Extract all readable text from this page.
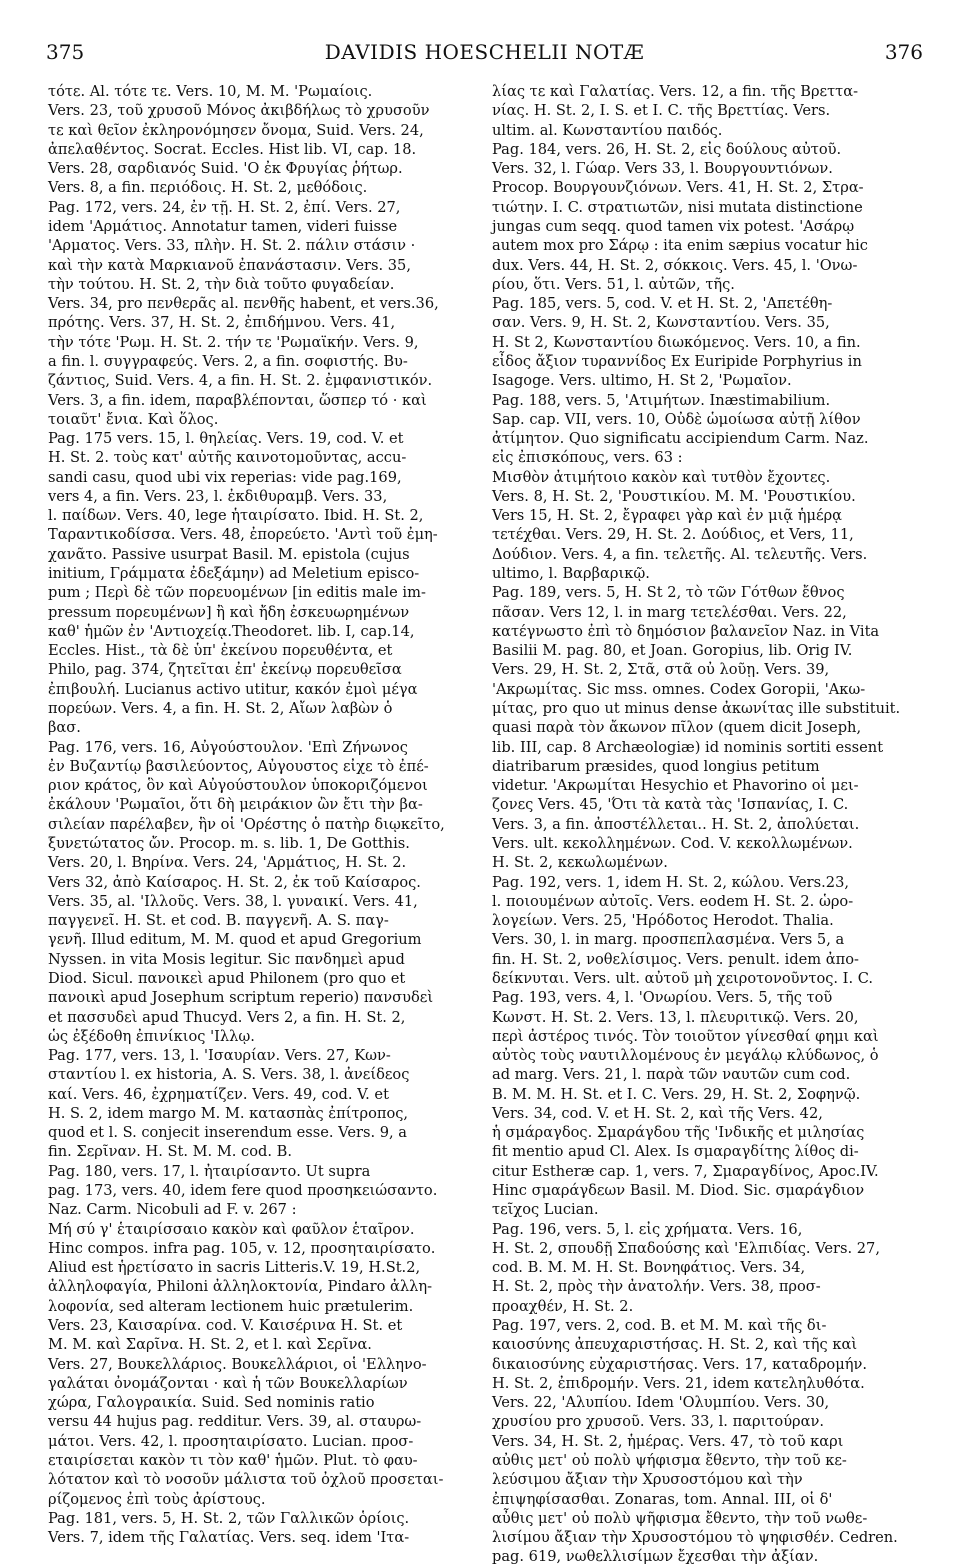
375	DAVIDIS HOESCHELII NOTÆ	376
τότε. Al. τότε τε. Vers. 10, M. M. 'Ρωμαίοις.
Vers. 23, τοῦ χρυσοῦ Μόνος ἀκιβδήλως τὸ χρυσοῦν
τε καὶ θεῖον ἐκληρονόμησεν ὄνομα, Suid. Vers. 24,
ἀπελαθέντος. Socrat. Eccles. Hist lib. VI, cap. 18.
Vers. 28, σαρδιανός Suid. 'Ο ἐκ Φρυγίας ῥήτωρ.
Vers. 8, a fin. περιόδοις. H. St. 2, μεθόδοις.
Pag. 172, vers. 24, ἐν τῇ. H. St. 2, ἐπί. Vers. 27,
idem 'Αρμάτιος. Annotatur tamen, videri fuisse
'Αρματος. Vers. 33, πλὴν. H. St. 2. πάλιν στάσιν ·
καὶ τὴν κατὰ Μαρκιανοῦ ἐπανάστασιν. Vers. 35,
τὴν τούτου. H. St. 2, τὴν διὰ τοῦτο φυγαδείαν.
Vers. 34, pro πενθερᾶς al. πενθῆς habent, et vers.36,
πρότης. Vers. 37, H. St. 2, ἐπιδήμνου. Vers. 41,
τὴν τότε 'Ρωμ. H. St. 2. τήν τε 'Ρωμαϊκήν. Vers. 9,
a fin. l. συγγραφεύς. Vers. 2, a fin. σοφιστής. Βυ-
ζάντιος, Suid. Vers. 4, a fin. H. St. 2. ἐμφανιστικόν.
Vers. 3, a fin. idem, παραβλέπονται, ὥσπερ τό · καὶ
τοιαῦτ' ἔνια. Καὶ ὅλος.
Pag. 175 vers. 15, l. θηλείας. Vers. 19, cod. V. et
H. St. 2. τοὺς κατ' αὐτῆς καινοτομοῦντας, accu-
sandi casu, quod ubi vix reperias: vide pag.169,
vers 4, a fin. Vers. 23, l. ἐκδιθυραμβ. Vers. 33,
l. παίδων. Vers. 40, lege ἡταιρίσατο. Ibid. H. St. 2,
Ταραντικοδίσσα. Vers. 48, ἐπορεύετο. 'Αντὶ τοῦ ἐμη-
χανᾶτο. Passive usurpat Basil. M. epistola (cujus
initium, Γράμματα ἐδεξάμην) ad Meletium episco-
pum ; Περὶ δὲ τῶν πορευομένων [in editis male im-
pressum πορευμένων] ἢ καὶ ἤδη ἐσκευωρημένων
καθ' ἡμῶν ἐν 'Αντιοχείᾳ.Theodoret. lib. I, cap.14,
Eccles. Hist., τὰ δὲ ὑπ' ἐκείνου πορευθέντα, et
Philo, pag. 374, ζητεῖται ἐπ' ἐκείνῳ πορευθεῖσα
ἐπιβουλή. Lucianus activo utitur, κακόν ἐμοὶ μέγα
πορεύων. Vers. 4, a fin. H. St. 2, Αἴων λαβὼν ὁ
βασ.
Pag. 176, vers. 16, Αὐγούστουλον. 'Επὶ Ζήνωνος
ἐν Βυζαντίῳ βασιλεύοντος, Αὐγουστος εἰχε τὸ ἐπέ-
ριον κράτος, ὃν καὶ Αὐγούστουλον ὑποκοριζόμενοι
ἐκάλουν 'Ρωμαῖοι, ὅτι δὴ μειράκιον ὢν ἔτι τὴν βα-
σιλείαν παρέλαβεν, ἣν οἱ 'Ορέστης ὁ πατὴρ διῳκεῖτο,
ξυνετώτατος ὤν. Procop. m. s. lib. 1, De Gotthis.
Vers. 20, l. Βηρίνα. Vers. 24, 'Αρμάτιος, H. St. 2.
Vers 32, ἀπὸ Καίσαρος. H. St. 2, ἐκ τοῦ Καίσαρος.
Vers. 35, al. 'Ιλλοῦς. Vers. 38, l. γυναικί. Vers. 41,
παγγενεῖ. H. St. et cod. B. παγγενῆ. A. S. παγ-
γενῆ. Illud editum, M. M. quod et apud Gregorium
Nyssen. in vita Mosis legitur. Sic πανδημεὶ apud
Diod. Sicul. πανοικεὶ apud Philonem (pro quo et
πανοικὶ apud Josephum scriptum reperio) πανσυδεὶ
et πασσυδεὶ apud Thucyd. Vers 2, a fin. H. St. 2,
ὡς ἐξέδοθη ἐπινίκιος 'Ιλλῳ.
Pag. 177, vers. 13, l. 'Ισαυρίαν. Vers. 27, Κων-
σταντίου l. ex historia, A. S. Vers. 38, l. ἀνείδεος
καί. Vers. 46, ἐχρηματίζεν. Vers. 49, cod. V. et
H. S. 2, idem margo M. M. κατασπὰς ἐπίτροπος,
quod et l. S. conjecit inserendum esse. Vers. 9, a
fin. Σερῖναν. H. St. M. M. cod. B.
Pag. 180, vers. 17, l. ἠταιρίσαντο. Ut supra
pag. 173, vers. 40, idem fere quod προσηκειώσαντο.
Naz. Carm. Nicobuli ad F. v. 267 :
Μή σύ γ' ἑταιρίσσαιο κακὸν καὶ φαῦλον ἑταῖρον.
Hinc compos. infra pag. 105, v. 12, προσηταιρίσατο.
Aliud est ἡρετίσατο in sacris Litteris.V. 19, H.St.2,
ἀλληλοφαγία, Philoni ἀλληλοκτονία, Pindaro ἀλλη-
λοφονία, sed alteram lectionem huic prætulerim.
Vers. 23, Καισαρίνα. cod. V. Καισέρινα H. St. et
M. M. καὶ Σαρῖνα. H. St. 2, et l. καὶ Σερῖνα.
Vers. 27, Βουκελλάριος. Βουκελλάριοι, οἱ 'Ελληνο-
γαλάται ὀνομάζονται · καὶ ἡ τῶν Βουκελλαρίων
χώρα, Γαλογραικία. Suid. Sed nominis ratio
versu 44 hujus pag. redditur. Vers. 39, al. σταυρω-
μάτοι. Vers. 42, l. προσηταιρίσατο. Lucian. προσ-
εταιρίσεται κακὸν τι τὸν καθ' ἡμῶν. Plut. τὸ φαυ-
λότατον καὶ τὸ νοσοῦν μάλιστα τοῦ ὀχλοῦ προσεται-
ρίζομενος ἐπὶ τοὺς ἀρίστους.
Pag. 181, vers. 5, H. St. 2, τῶν Γαλλικῶν ὁρίοις.
Vers. 7, idem τῆς Γαλατίας. Vers. seq. idem 'Ιτα-
λίας τε καὶ Γαλατίας. Vers. 12, a fin. τῆς Βρεττα-
νίας. H. St. 2, I. S. et I. C. τῆς Βρεττίας. Vers.
ultim. al. Κωνσταντίου παιδός.
Pag. 184, vers. 26, H. St. 2, εἰς δούλους αὐτοῦ.
Vers. 32, l. Γώαρ. Vers 33, l. Βουργουντιόνων.
Procop. Βουργουνζιόνων. Vers. 41, H. St. 2, Στρα-
τιώτην. I. C. στρατιωτῶν, nisi mutata distinctione
jungas cum seqq. quod tamen vix potest. 'Ασάρῳ
autem mox pro Σάρῳ : ita enim sæpius vocatur hic
dux. Vers. 44, H. St. 2, σόκκοις. Vers. 45, l. 'Ονω-
ρίου, ὅτι. Vers. 51, l. αὐτῶν, τῆς.
Pag. 185, vers. 5, cod. V. et H. St. 2, 'Απετέθη-
σαν. Vers. 9, H. St. 2, Κωνσταντίου. Vers. 35,
H. St 2, Κωνσταντίου διωκόμενος. Vers. 10, a fin.
εἶδος ἄξιον τυραννίδος Ex Euripide Porphyrius in
Isagoge. Vers. ultimo, H. St 2, 'Ρωμαῖον.
Pag. 188, vers. 5, 'Ατιμήτων. Inæstimabilium.
Sap. cap. VII, vers. 10, Οὐδὲ ὡμοίωσα αὐτῇ λίθον
ἀτίμητον. Quo significatu accipiendum Carm. Naz.
εἰς ἐπισκόπους, vers. 63 :
Μισθὸν ἀτιμήτοιο κακὸν καὶ τυτθὸν ἔχοντες.
Vers. 8, H. St. 2, 'Ρουστικίου. M. M. 'Ρουστικίου.
Vers 15, H. St. 2, ἔγραφει γὰρ καὶ ἐν μιᾷ ἡμέρᾳ
τετέχθαι. Vers. 29, H. St. 2. Δούδιος, et Vers, 11,
Δούδιον. Vers. 4, a fin. τελετῆς. Al. τελευτῆς. Vers.
ultimo, l. Βαρβαρικῷ.
Pag. 189, vers. 5, H. St 2, τὸ τῶν Γότθων ἔθνος
πᾶσαν. Vers 12, l. in marg τετελέσθαι. Vers. 22,
κατέγνωστο ἐπὶ τὸ δημόσιον βαλανεῖον Naz. in Vita
Basilii M. pag. 80, et Joan. Goropius, lib. Orig IV.
Vers. 29, H. St. 2, Στᾶ, στᾶ οὐ λοῦῃ. Vers. 39,
'Ακρωμίτας. Sic mss. omnes. Codex Goropii, 'Ακω-
μίτας, pro quo ut minus dense ἀκωνίτας ille substituit.
quasi παρὰ τὸν ἄκωνον πῖλον (quem dicit Joseph,
lib. III, cap. 8 Archæologiæ) id nominis sortiti essent
diatribarum præsides, quod longius petitum
videtur. 'Ακρωμίται Hesychio et Phavorino οἱ μει-
ζονες Vers. 45, 'Ότι τὰ κατὰ τὰς 'Ισπανίας, I. C.
Vers. 3, a fin. ἀποστέλλεται.. H. St. 2, ἀπολύεται.
Vers. ult. κεκολλημένων. Cod. V. κεκολλωμένων.
H. St. 2, κεκωλωμένων.
Pag. 192, vers. 1, idem H. St. 2, κώλου. Vers.23,
l. ποιουμένων αὐτοῖς. Vers. eodem H. St. 2. ὡρο-
λογείων. Vers. 25, 'Ηρόδοτος Herodot. Thalia.
Vers. 30, l. in marg. προσπεπλασμένα. Vers 5, a
fin. H. St. 2, νοθελίσιμος. Vers. penult. idem ἀπο-
δείκνυται. Vers. ult. αὐτοῦ μὴ χειροτονοῦντος. I. C.
Pag. 193, vers. 4, l. 'Ονωρίου. Vers. 5, τῆς τοῦ
Κωνστ. H. St. 2. Vers. 13, l. πλευριτικῷ. Vers. 20,
περὶ ἀστέρος τινός. Τὸν τοιοῦτον γίνεσθαί φημι καὶ
αὐτὸς τοὺς ναυτιλλομένους ἐν μεγάλῳ κλύδωνος, ὁ
ad marg. Vers. 21, l. παρὰ τῶν ναυτῶν cum cod.
B. M. M. H. St. et I. C. Vers. 29, H. St. 2, Σοφηνῷ.
Vers. 34, cod. V. et H. St. 2, καὶ τῆς Vers. 42,
ἡ σμάραγδος. Σμαράγδου τῆς 'Ινδικῆς et μιλησίας
fit mentio apud Cl. Alex. Is σμαραγδίτης λίθος di-
citur Estheræ cap. 1, vers. 7, Σμαραγδίνος, Apoc.IV.
Hinc σμαράγδεων Basil. M. Diod. Sic. σμαράγδιον
τεῖχος Lucian.
Pag. 196, vers. 5, l. εἰς χρήματα. Vers. 16,
H. St. 2, σπουδῇ Σπαδούσης καὶ 'Ελπιδίας. Vers. 27,
cod. B. M. M. H. St. Βονηφάτιος. Vers. 34,
H. St. 2, πρὸς τὴν ἀνατολήν. Vers. 38, προσ-
προαχθέν, H. St. 2.
Pag. 197, vers. 2, cod. B. et M. M. καὶ τῆς δι-
καιοσύνης ἀπευχαριστήσας. H. St. 2, καὶ τῆς καὶ
δικαιοσύνης εὐχαριστήσας. Vers. 17, καταδρομήν.
H. St. 2, ἐπιδρομήν. Vers. 21, idem κατεληλυθότα.
Vers. 22, 'Αλυπίου. Idem 'Ολυμπίου. Vers. 30,
χρυσίου pro χρυσοῦ. Vers. 33, l. παριτούραν.
Vers. 34, H. St. 2, ἡμέρας. Vers. 47, τὸ τοῦ καρι
αὐθις μετ' οὐ πολὺ ψήφισμα ἔθεντο, τὴν τοῦ κε-
λεύσιμου ἄξιαν τὴν Χρυσοστόμου καὶ τὴν
ἐπιψηφίσασθαι. Zonaras, tom. Annal. III, οἱ δ'
αὖθις μετ' οὐ πολὺ ψῆφισμα ἔθεντο, τὴν τοῦ νωθε-
λισίμου ἄξιαν τὴν Χρυσοστόμου τὸ ψηφισθέν. Cedren.
pag. 619, νωθελλισίμων ἔχεσθαι τὴν ἀξίαν.
